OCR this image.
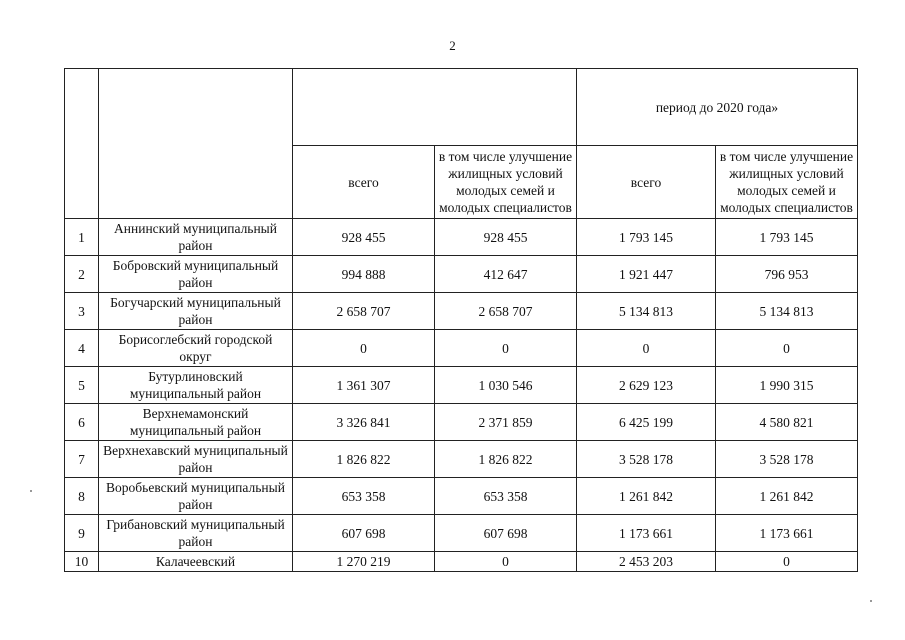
2
				период до 2020 года»	
		всего	в том числе улучшение жилищных условий молодых семей и молодых специалистов	всего	в том числе улучшение жилищных условий молодых семей и молодых специалистов
1	Аннинский муниципальный район	928 455	928 455	1 793 145	1 793 145
2	Бобровский муниципальный район	994 888	412 647	1 921 447	796 953
3	Богучарский муниципальный район	2 658 707	2 658 707	5 134 813	5 134 813
4	Борисоглебский городской округ	0	0	0	0
5	Бутурлиновский муниципальный район	1 361 307	1 030 546	2 629 123	1 990 315
6	Верхнемамонский муниципальный район	3 326 841	2 371 859	6 425 199	4 580 821
7	Верхнехавский муниципальный район	1 826 822	1 826 822	3 528 178	3 528 178
8	Воробьевский муниципальный район	653 358	653 358	1 261 842	1 261 842
9	Грибановский муниципальный район	607 698	607 698	1 173 661	1 173 661
10	Калачеевский	1 270 219	0	2 453 203	0
